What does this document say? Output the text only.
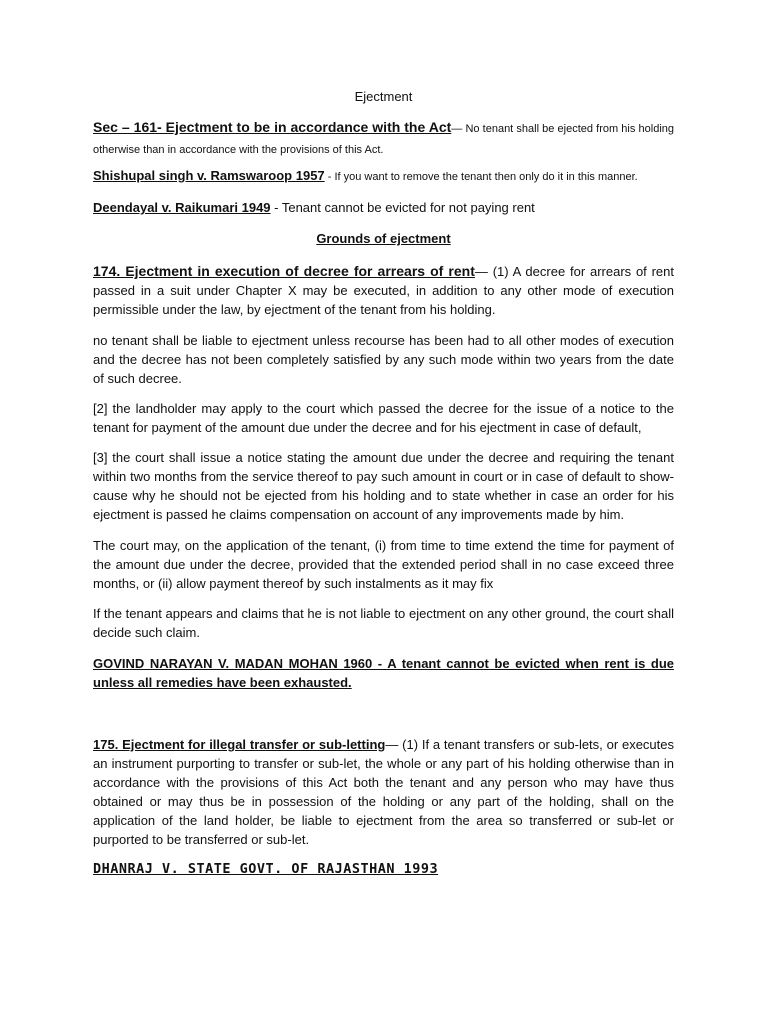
Ejectment

Sec – 161- Ejectment to be in accordance with the Act— No tenant shall be ejected from his holding otherwise than in accordance with the provisions of this Act.

Shishupal singh v. Ramswaroop 1957 - If you want to remove the tenant then only do it in this manner.

Deendayal v. Raikumari 1949 - Tenant cannot be evicted for not paying rent

Grounds of ejectment

174. Ejectment in execution of decree for arrears of rent— (1) A decree for arrears of rent passed in a suit under Chapter X may be executed, in addition to any other mode of execution permissible under the law, by ejectment of the tenant from his holding.

no tenant shall be liable to ejectment unless recourse has been had to all other modes of execution and the decree has not been completely satisfied by any such mode within two years from the date of such decree.

[2] the landholder may apply to the court which passed the decree for the issue of a notice to the tenant for payment of the amount due under the decree and for his ejectment in case of default,

[3] the court shall issue a notice stating the amount due under the decree and requiring the tenant within two months from the service thereof to pay such amount in court or in case of default to show-cause why he should not be ejected from his holding and to state whether in case an order for his ejectment is passed he claims compensation on account of any improvements made by him.

The court may, on the application of the tenant, (i) from time to time extend the time for payment of the amount due under the decree, provided that the extended period shall in no case exceed three months, or (ii) allow payment thereof by such instalments as it may fix

If the tenant appears and claims that he is not liable to ejectment on any other ground, the court shall decide such claim.

GOVIND NARAYAN V. MADAN MOHAN 1960 - A tenant cannot be evicted when rent is due unless all remedies have been exhausted.

175. Ejectment for illegal transfer or sub-letting— (1) If a tenant transfers or sub-lets, or executes an instrument purporting to transfer or sub-let, the whole or any part of his holding otherwise than in accordance with the provisions of this Act both the tenant and any person who may have thus obtained or may thus be in possession of the holding or any part of the holding, shall on the application of the land holder, be liable to ejectment from the area so transferred or sub-let or purported to be transferred or sub-let.

DHANRAJ V. STATE GOVT. OF RAJASTHAN 1993
